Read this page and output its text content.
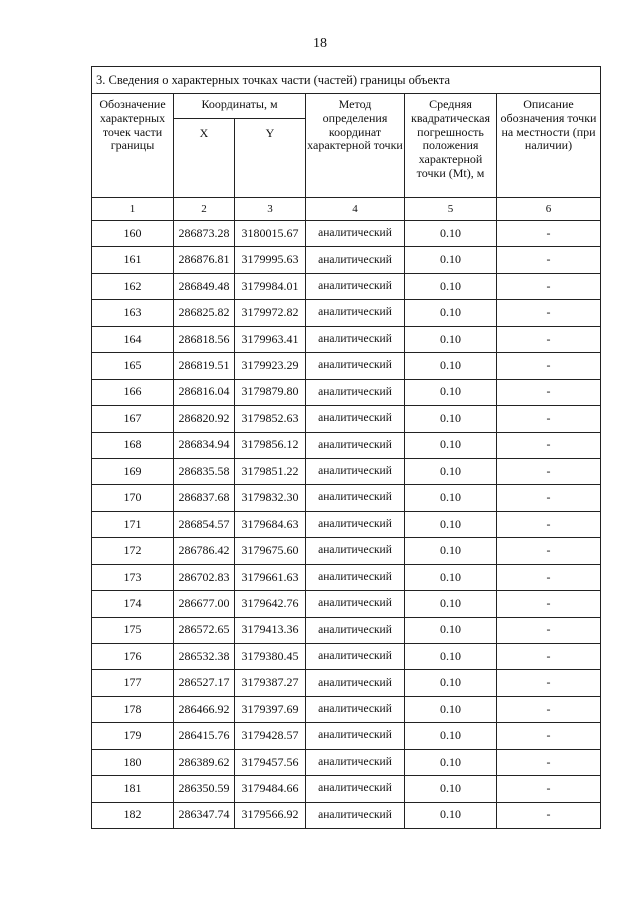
18
3. Сведения о характерных точках части (частей) границы объекта					
Обозначение характерных точек части границы	Координаты, м		Метод определения координат характерной точки	Средняя квадратическая погрешность положения характерной точки (Mt), м	Описание обозначения точки на местности (при наличии)
	X	Y			
1	2	3	4	5	6
160	286873.28	3180015.67	аналитический	0.10	-
161	286876.81	3179995.63	аналитический	0.10	-
162	286849.48	3179984.01	аналитический	0.10	-
163	286825.82	3179972.82	аналитический	0.10	-
164	286818.56	3179963.41	аналитический	0.10	-
165	286819.51	3179923.29	аналитический	0.10	-
166	286816.04	3179879.80	аналитический	0.10	-
167	286820.92	3179852.63	аналитический	0.10	-
168	286834.94	3179856.12	аналитический	0.10	-
169	286835.58	3179851.22	аналитический	0.10	-
170	286837.68	3179832.30	аналитический	0.10	-
171	286854.57	3179684.63	аналитический	0.10	-
172	286786.42	3179675.60	аналитический	0.10	-
173	286702.83	3179661.63	аналитический	0.10	-
174	286677.00	3179642.76	аналитический	0.10	-
175	286572.65	3179413.36	аналитический	0.10	-
176	286532.38	3179380.45	аналитический	0.10	-
177	286527.17	3179387.27	аналитический	0.10	-
178	286466.92	3179397.69	аналитический	0.10	-
179	286415.76	3179428.57	аналитический	0.10	-
180	286389.62	3179457.56	аналитический	0.10	-
181	286350.59	3179484.66	аналитический	0.10	-
182	286347.74	3179566.92	аналитический	0.10	-
